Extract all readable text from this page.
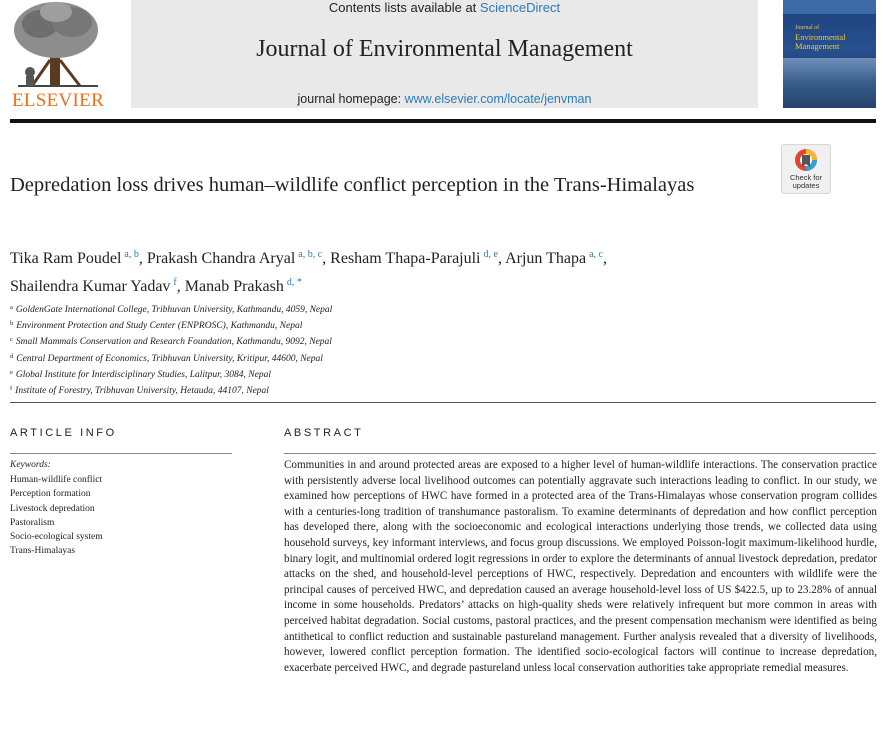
ELSEVIER
Contents lists available at ScienceDirect
Journal of Environmental Management
journal homepage: www.elsevier.com/locate/jenvman
Journal of
Environmental
Management
Check for
updates
Depredation loss drives human–wildlife conflict perception in the Trans-Himalayas
Tika Ram Poudel $^{a, b}$, Prakash Chandra Aryal $^{a, b, c}$, Resham Thapa-Parajuli $^{d, e}$, Arjun Thapa $^{a, c}$,
Shailendra Kumar Yadav $^f$, Manab Prakash $^{d, *}$
$^a$ GoldenGate International College, Tribhuvan University, Kathmandu, 4059, Nepal
$^b$ Environment Protection and Study Center (ENPROSC), Kathmandu, Nepal
$^c$ Small Mammals Conservation and Research Foundation, Kathmandu, 9092, Nepal
$^d$ Central Department of Economics, Tribhuvan University, Kritipur, 44600, Nepal
$^e$ Global Institute for Interdisciplinary Studies, Lalitpur, 3084, Nepal
$^f$ Institute of Forestry, Tribhuvan University, Hetauda, 44107, Nepal
ARTICLE INFO
Keywords:
Human-wildlife conflict
Perception formation
Livestock depredation
Pastoralism
Socio-ecological system
Trans-Himalayas
ABSTRACT

Communities in and around protected areas are exposed to a higher level of human-wildlife interactions. The conservation practice with persistently adverse local livelihood outcomes can potentially aggravate such interactions leading to conflict. In our study, we examined how perceptions of HWC have formed in a protected area of the Trans-Himalayas whose conservation program collides with a centuries-long tradition of transhumance pastoralism. To examine determinants of depredation and how conflict perception has developed there, along with the socioeconomic and ecological interactions underlying those trends, we collected data using household surveys, key informant interviews, and focus group discussions. We employed Poisson-logit maximum-likelihood hurdle, binary logit, and multinomial ordered logit regressions in order to explore the determinants of annual livestock depredation, predator attacks on the shed, and household-level perceptions of HWC, respectively. Depredation and encounters with wildlife were the principal causes of perceived HWC, and depredation caused an average household-level loss of US $422.5, up to 23.28% of annual income in some households. Predators’ attacks on high-quality sheds were relatively infrequent but more common in areas with perceived habitat degradation. Social customs, pastoral practices, and the present compensation mechanism were identified as being antithetical to conflict reduction and sustainable pastureland management. Further analysis revealed that a diversity of livelihoods, however, lowered conflict perception formation. The identified socio-ecological factors will continue to increase depredation, exacerbate perceived HWC, and degrade pastureland unless local conservation authorities take appropriate remedial measures.
